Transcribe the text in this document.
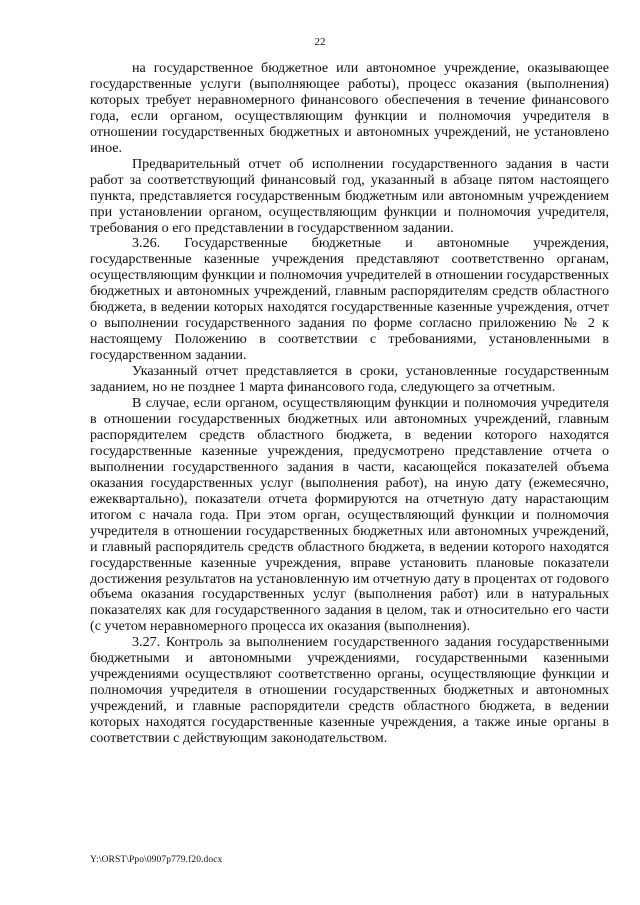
22

на государственное бюджетное или автономное учреждение, оказывающее государственные услуги (выполняющее работы), процесс оказания (выполнения) которых требует неравномерного финансового обеспечения в течение финансового года, если органом, осуществляющим функции и полномочия учредителя в отношении государственных бюджетных и автономных учреждений, не установлено иное.

Предварительный отчет об исполнении государственного задания в части работ за соответствующий финансовый год, указанный в абзаце пятом настоящего пункта, представляется государственным бюджетным или автономным учреждением при установлении органом, осуществляющим функции и полномочия учредителя, требования о его представлении в государственном задании.

3.26. Государственные бюджетные и автономные учреждения, государственные казенные учреждения представляют соответственно органам, осуществляющим функции и полномочия учредителей в отношении государственных бюджетных и автономных учреждений, главным распорядителям средств областного бюджета, в ведении которых находятся государственные казенные учреждения, отчет о выполнении государственного задания по форме согласно приложению № 2 к настоящему Положению в соответствии с требованиями, установленными в государственном задании.

Указанный отчет представляется в сроки, установленные государственным заданием, но не позднее 1 марта финансового года, следующего за отчетным.

В случае, если органом, осуществляющим функции и полномочия учредителя в отношении государственных бюджетных или автономных учреждений, главным распорядителем средств областного бюджета, в ведении которого находятся государственные казенные учреждения, предусмотрено представление отчета о выполнении государственного задания в части, касающейся показателей объема оказания государственных услуг (выполнения работ), на иную дату (ежемесячно, ежеквартально), показатели отчета формируются на отчетную дату нарастающим итогом с начала года. При этом орган, осуществляющий функции и полномочия учредителя в отношении государственных бюджетных или автономных учреждений, и главный распорядитель средств областного бюджета, в ведении которого находятся государственные казенные учреждения, вправе установить плановые показатели достижения результатов на установленную им отчетную дату в процентах от годового объема оказания государственных услуг (выполнения работ) или в натуральных показателях как для государственного задания в целом, так и относительно его части (с учетом неравномерного процесса их оказания (выполнения).

3.27. Контроль за выполнением государственного задания государственными бюджетными и автономными учреждениями, государственными казенными учреждениями осуществляют соответственно органы, осуществляющие функции и полномочия учредителя в отношении государственных бюджетных и автономных учреждений, и главные распорядители средств областного бюджета, в ведении которых находятся государственные казенные учреждения, а также иные органы в соответствии с действующим законодательством.

Y:\ORST\Ppo\0907p779.f20.docx
